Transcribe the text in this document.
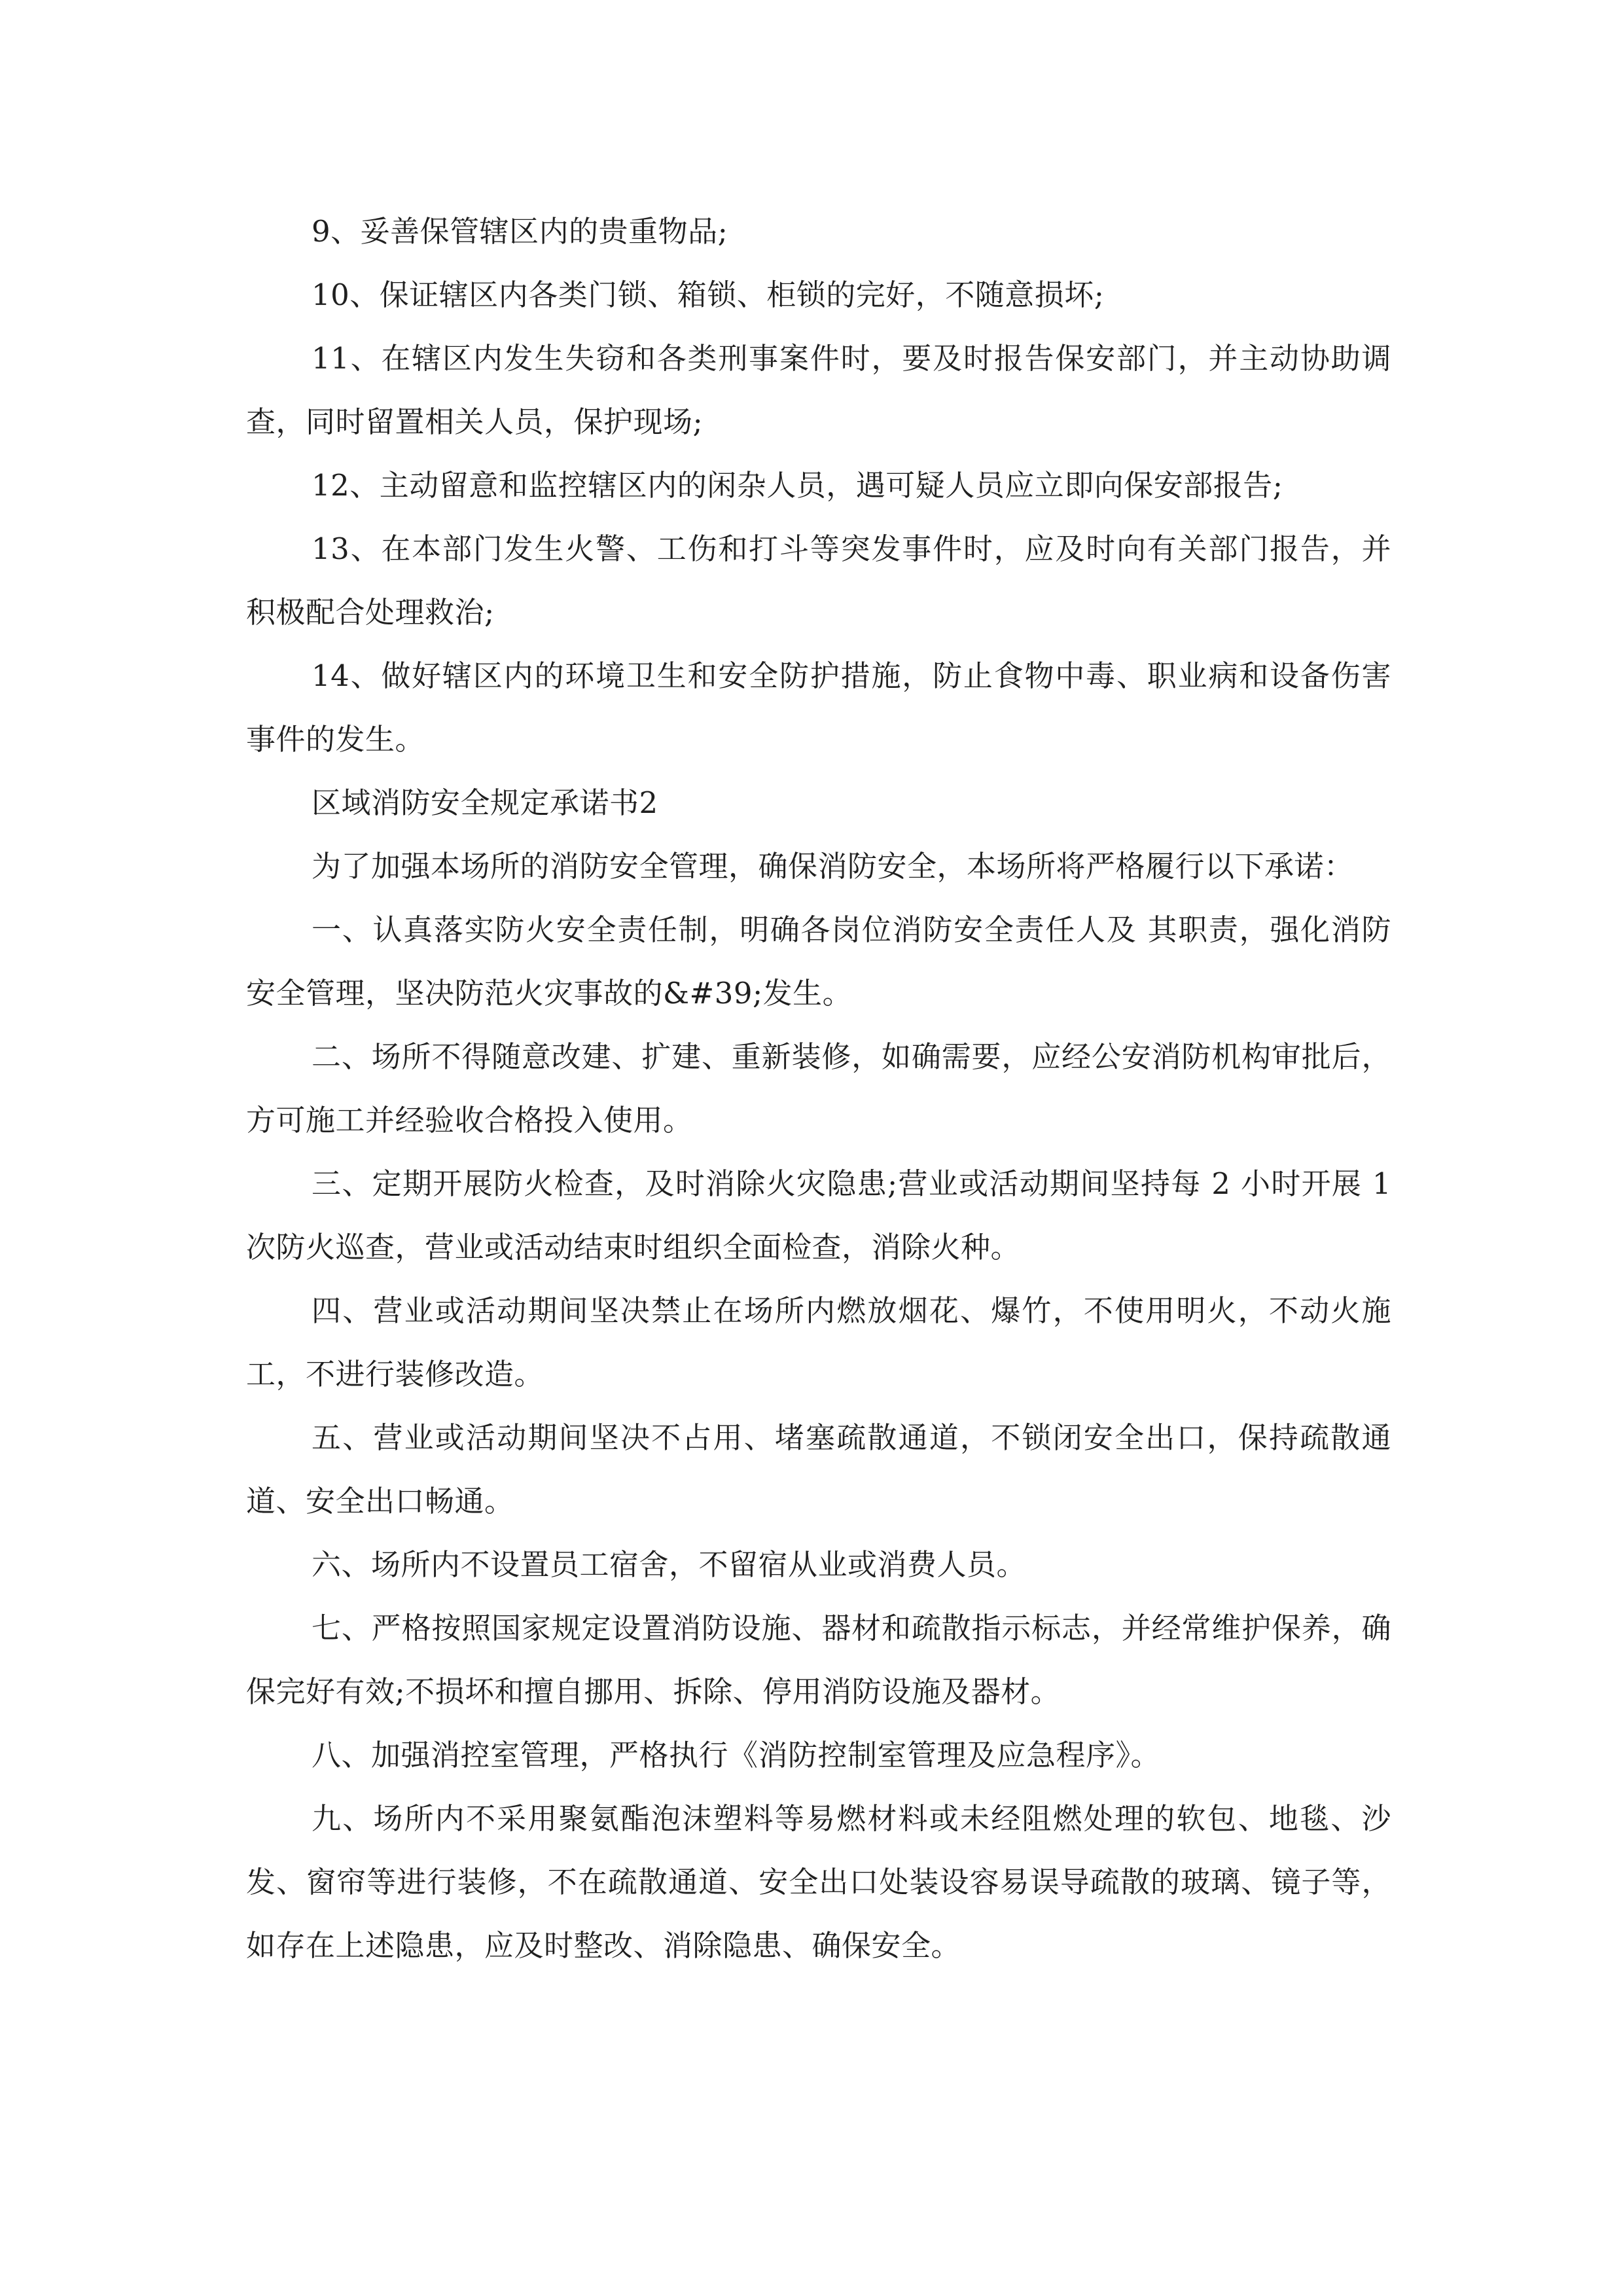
9、妥善保管辖区内的贵重物品;

10、保证辖区内各类门锁、箱锁、柜锁的完好，不随意损坏;

11、在辖区内发生失窃和各类刑事案件时，要及时报告保安部门，并主动协助调查，同时留置相关人员，保护现场;

12、主动留意和监控辖区内的闲杂人员，遇可疑人员应立即向保安部报告;

13、在本部门发生火警、工伤和打斗等突发事件时，应及时向有关部门报告，并积极配合处理救治;

14、做好辖区内的环境卫生和安全防护措施，防止食物中毒、职业病和设备伤害事件的发生。

区域消防安全规定承诺书2

为了加强本场所的消防安全管理，确保消防安全，本场所将严格履行以下承诺：

一、认真落实防火安全责任制，明确各岗位消防安全责任人及 其职责，强化消防安全管理，坚决防范火灾事故的&#39;发生。

二、场所不得随意改建、扩建、重新装修，如确需要，应经公安消防机构审批后，方可施工并经验收合格投入使用。

三、定期开展防火检查，及时消除火灾隐患;营业或活动期间坚持每 2 小时开展 1 次防火巡查，营业或活动结束时组织全面检查，消除火种。

四、营业或活动期间坚决禁止在场所内燃放烟花、爆竹，不使用明火，不动火施工，不进行装修改造。

五、营业或活动期间坚决不占用、堵塞疏散通道，不锁闭安全出口，保持疏散通道、安全出口畅通。

六、场所内不设置员工宿舍，不留宿从业或消费人员。

七、严格按照国家规定设置消防设施、器材和疏散指示标志，并经常维护保养，确保完好有效;不损坏和擅自挪用、拆除、停用消防设施及器材。

八、加强消控室管理，严格执行《消防控制室管理及应急程序》。

九、场所内不采用聚氨酯泡沫塑料等易燃材料或未经阻燃处理的软包、地毯、沙发、窗帘等进行装修，不在疏散通道、安全出口处装设容易误导疏散的玻璃、镜子等，如存在上述隐患，应及时整改、消除隐患、确保安全。
